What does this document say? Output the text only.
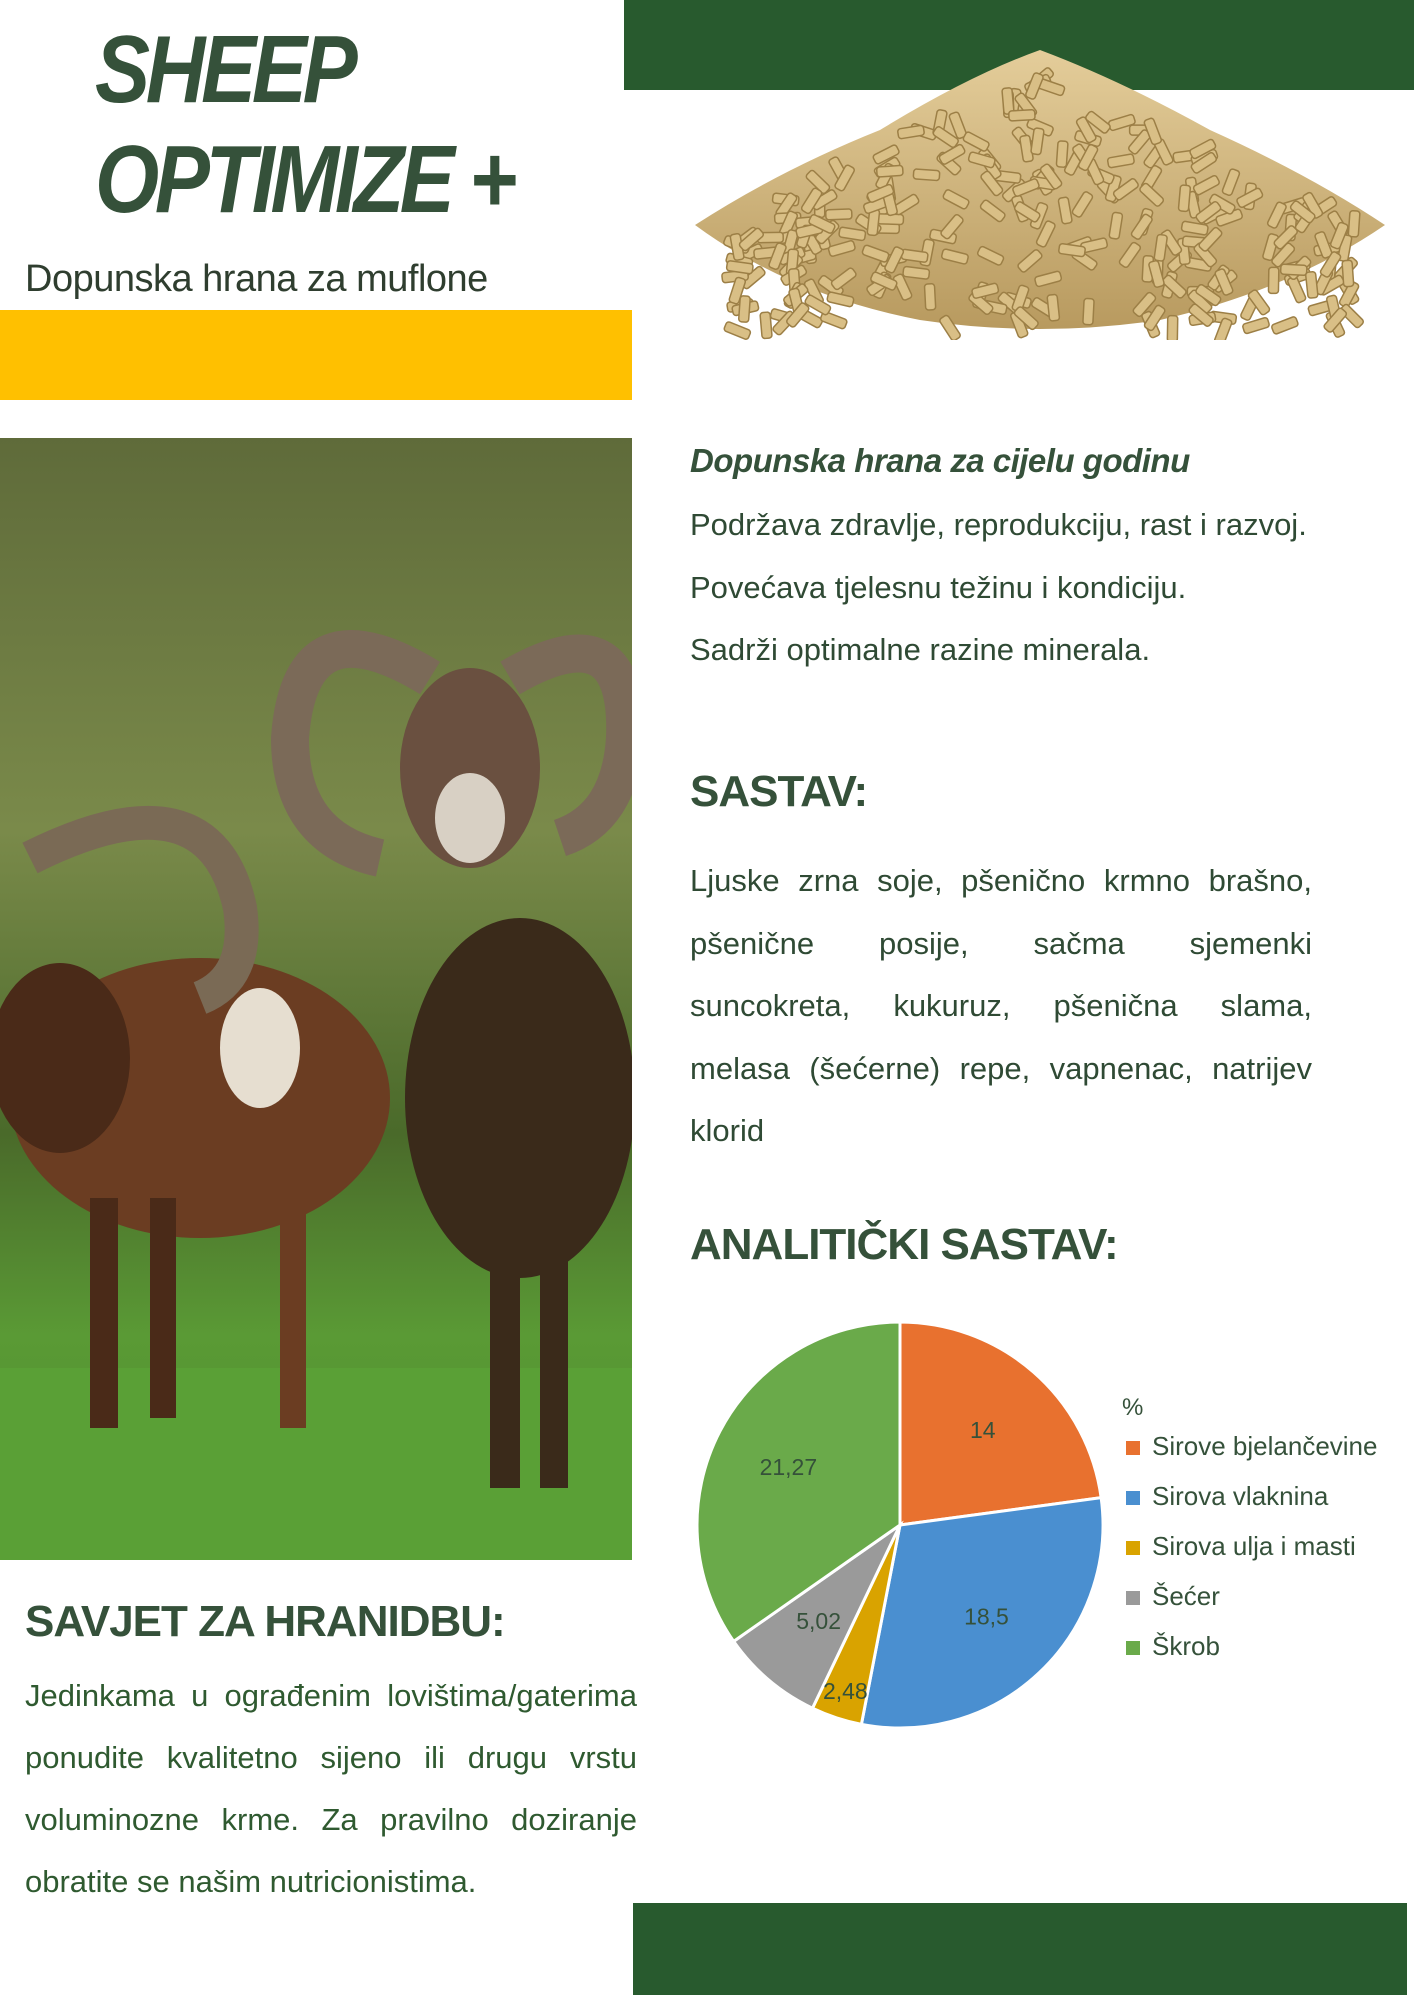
SHEEP
OPTIMIZE +
Dopunska hrana za muflone
Dopunska hrana za cijelu godinu
Podržava zdravlje, reprodukciju, rast i razvoj.
Povećava tjelesnu težinu i kondiciju.
Sadrži optimalne razine minerala.
SASTAV:
Ljuske zrna soje, pšenično krmno brašno, pšenične posije, sačma sjemenki suncokreta, kukuruz, pšenična slama, melasa (šećerne) repe, vapnenac, natrijev klorid
ANALITIČKI SASTAV:
14
18,5
2,48
5,02
21,27
%
Sirove bjelančevine
Sirova vlaknina
Sirova ulja i masti
Šećer
Škrob
SAVJET ZA HRANIDBU:
Jedinkama u ograđenim lovištima/gaterima ponudite kvalitetno sijeno ili drugu vrstu voluminozne krme. Za pravilno doziranje obratite se našim nutricionistima.
